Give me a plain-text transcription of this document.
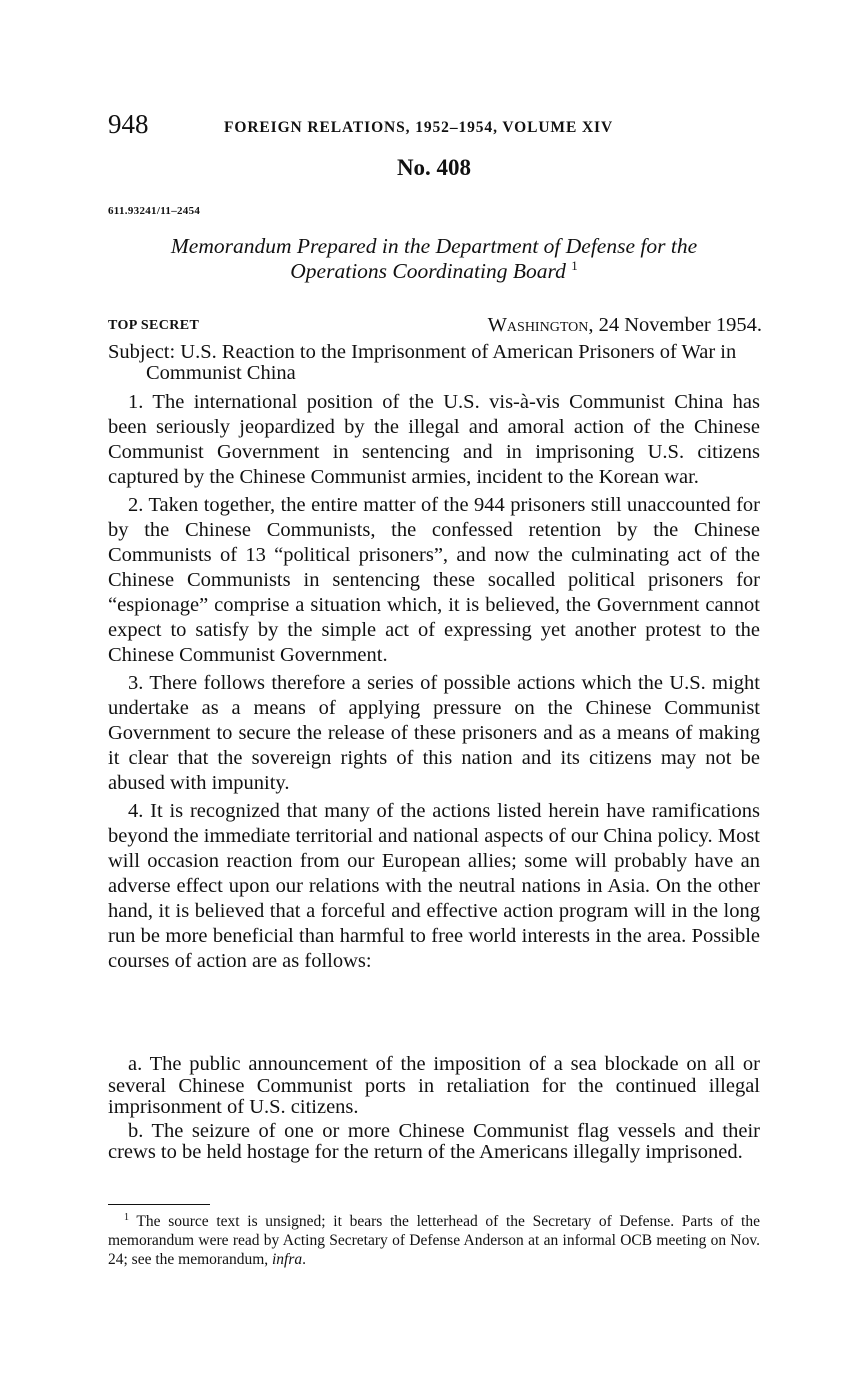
948	FOREIGN RELATIONS, 1952–1954, VOLUME XIV
No. 408
611.93241/11–2454
Memorandum Prepared in the Department of Defense for the
Operations Coordinating Board $^1$
TOP SECRET	Washington, 24 November 1954.

Subject: U.S. Reaction to the Imprisonment of American Prisoners of War in Communist China

1. The international position of the U.S. vis-à-vis Communist China has been seriously jeopardized by the illegal and amoral action of the Chinese Communist Government in sentencing and in imprisoning U.S. citizens captured by the Chinese Communist armies, incident to the Korean war.

2. Taken together, the entire matter of the 944 prisoners still unaccounted for by the Chinese Communists, the confessed retention by the Chinese Communists of 13 “political prisoners”, and now the culminating act of the Chinese Communists in sentencing these socalled political prisoners for “espionage” comprise a situation which, it is believed, the Government cannot expect to satisfy by the simple act of expressing yet another protest to the Chinese Communist Government.

3. There follows therefore a series of possible actions which the U.S. might undertake as a means of applying pressure on the Chinese Communist Government to secure the release of these prisoners and as a means of making it clear that the sovereign rights of this nation and its citizens may not be abused with impunity.

4. It is recognized that many of the actions listed herein have ramifications beyond the immediate territorial and national aspects of our China policy. Most will occasion reaction from our European allies; some will probably have an adverse effect upon our relations with the neutral nations in Asia. On the other hand, it is believed that a forceful and effective action program will in the long run be more beneficial than harmful to free world interests in the area. Possible courses of action are as follows:

a. The public announcement of the imposition of a sea blockade on all or several Chinese Communist ports in retaliation for the continued illegal imprisonment of U.S. citizens.

b. The seizure of one or more Chinese Communist flag vessels and their crews to be held hostage for the return of the Americans illegally imprisoned.

$^1$ The source text is unsigned; it bears the letterhead of the Secretary of Defense. Parts of the memorandum were read by Acting Secretary of Defense Anderson at an informal OCB meeting on Nov. 24; see the memorandum, infra.
